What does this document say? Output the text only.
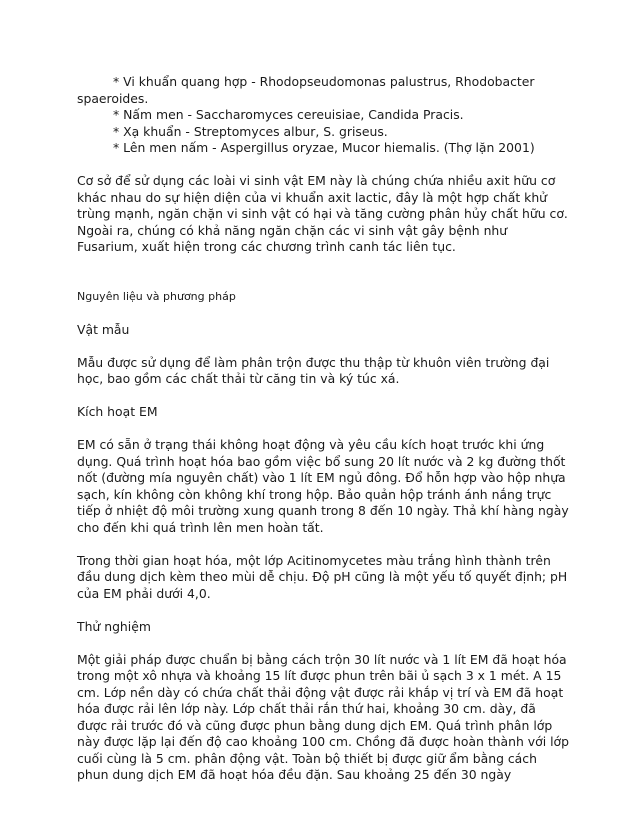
* Vi khuẩn quang hợp - Rhodopseudomonas palustrus, Rhodobacter spaeroides.

* Nấm men - Saccharomyces cereuisiae, Candida Pracis.

* Xạ khuẩn - Streptomyces albur, S. griseus.

* Lên men nấm - Aspergillus oryzae, Mucor hiemalis. (Thợ lặn 2001)

Cơ sở để sử dụng các loài vi sinh vật EM này là chúng chứa nhiều axit hữu cơ khác nhau do sự hiện diện của vi khuẩn axit lactic, đây là một hợp chất khử trùng mạnh, ngăn chặn vi sinh vật có hại và tăng cường phân hủy chất hữu cơ. Ngoài ra, chúng có khả năng ngăn chặn các vi sinh vật gây bệnh như Fusarium, xuất hiện trong các chương trình canh tác liên tục.

Nguyên liệu và phương pháp

Vật mẫu

Mẫu được sử dụng để làm phân trộn được thu thập từ khuôn viên trường đại học, bao gồm các chất thải từ căng tin và ký túc xá.

Kích hoạt EM

EM có sẵn ở trạng thái không hoạt động và yêu cầu kích hoạt trước khi ứng dụng. Quá trình hoạt hóa bao gồm việc bổ sung 20 lít nước và 2 kg đường thốt nốt (đường mía nguyên chất) vào 1 lít EM ngủ đông. Đổ hỗn hợp vào hộp nhựa sạch, kín không còn không khí trong hộp. Bảo quản hộp tránh ánh nắng trực tiếp ở nhiệt độ môi trường xung quanh trong 8 đến 10 ngày. Thả khí hàng ngày cho đến khi quá trình lên men hoàn tất.

Trong thời gian hoạt hóa, một lớp Acitinomycetes màu trắng hình thành trên đầu dung dịch kèm theo mùi dễ chịu. Độ pH cũng là một yếu tố quyết định; pH của EM phải dưới 4,0.

Thử nghiệm

Một giải pháp được chuẩn bị bằng cách trộn 30 lít nước và 1 lít EM đã hoạt hóa trong một xô nhựa và khoảng 15 lít được phun trên bãi ủ sạch 3 x 1 mét. A 15 cm. Lớp nền dày có chứa chất thải động vật được rải khắp vị trí và EM đã hoạt hóa được rải lên lớp này. Lớp chất thải rắn thứ hai, khoảng 30 cm. dày, đã được rải trước đó và cũng được phun bằng dung dịch EM. Quá trình phân lớp này được lặp lại đến độ cao khoảng 100 cm. Chồng đã được hoàn thành với lớp cuối cùng là 5 cm. phân động vật. Toàn bộ thiết bị được giữ ẩm bằng cách phun dung dịch EM đã hoạt hóa đều đặn. Sau khoảng 25 đến 30 ngày
